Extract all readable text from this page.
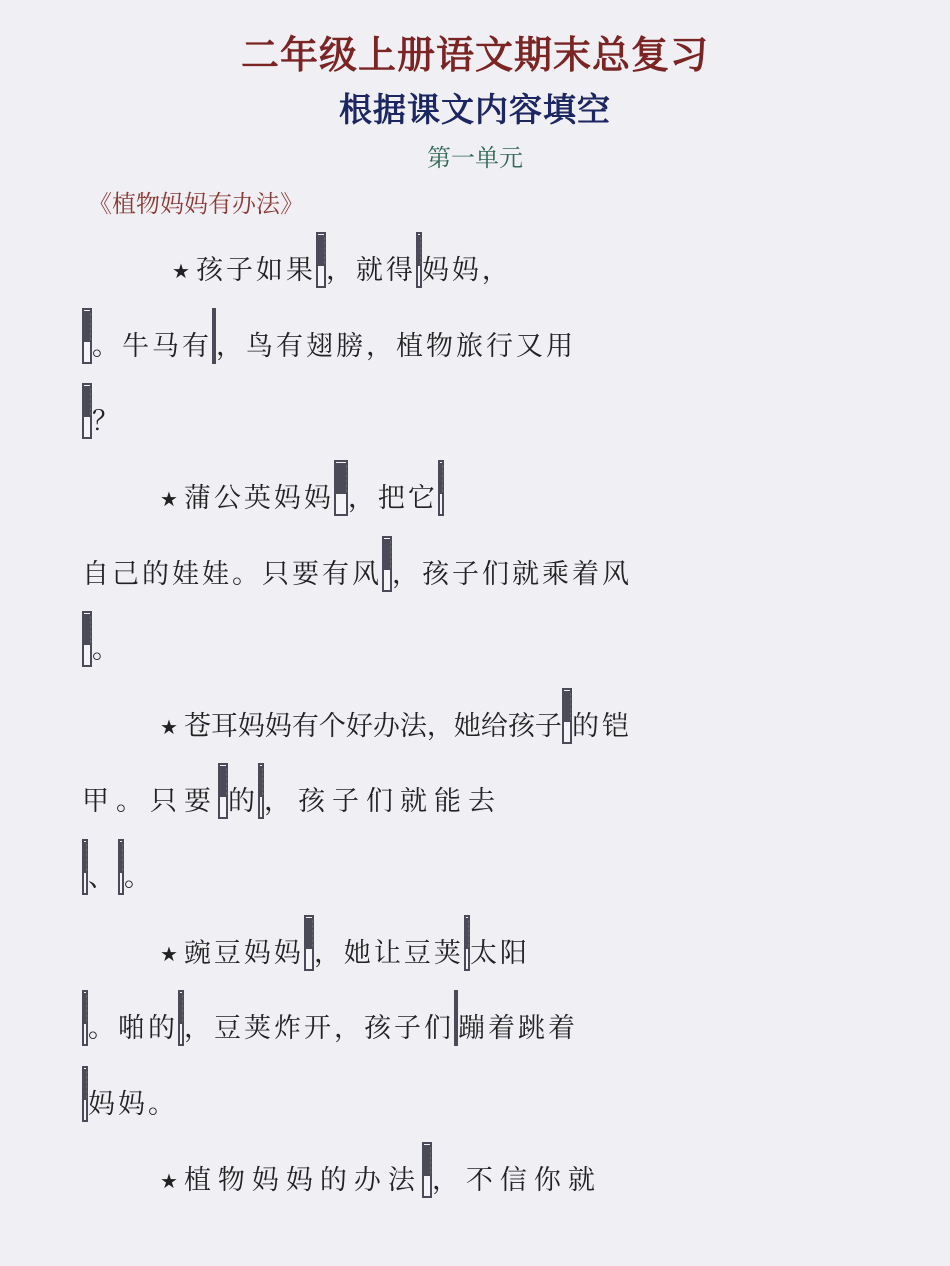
二年级上册语文期末总复习
根据课文内容填空
第一单元
《植物妈妈有办法》
★ 孩子如果 ，就得 妈妈，
。牛马有 ，鸟有翅膀，植物旅行又用
？
★ 蒲公英妈妈 ，把它
自己的娃娃。只要有风 ，孩子们就乘着风
。
★ 苍耳妈妈有个好办法，她给孩子 的铠
甲。只要 的 ，孩子们就能去
、 。
★ 豌豆妈妈 ，她让豆荚 太阳
。啪的 ，豆荚炸开，孩子们 蹦着跳着
妈妈。
★ 植物妈妈的办法 ，不信你就
